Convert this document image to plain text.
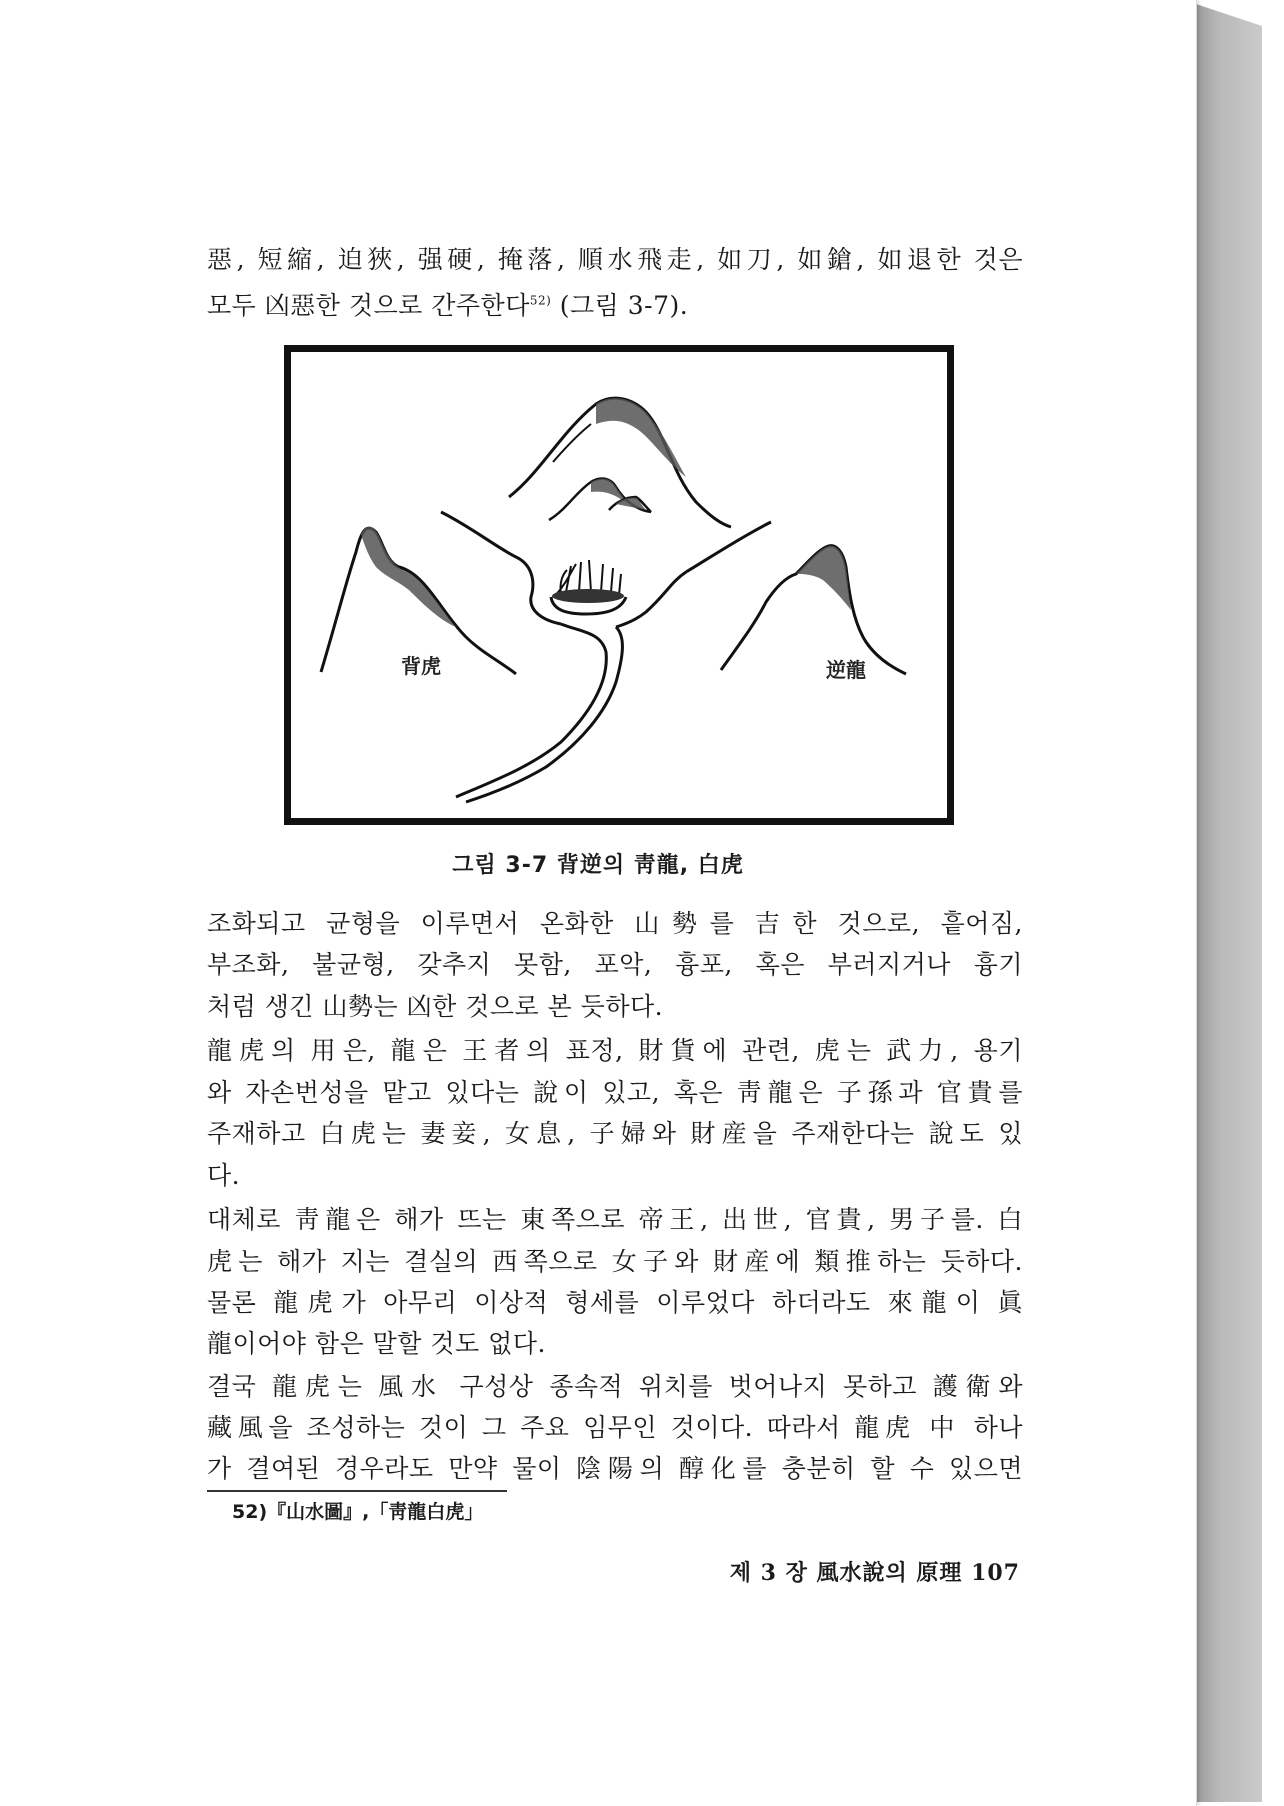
惡, 短縮, 迫狹, 强硬, 掩落, 順水飛走, 如刀, 如鎗, 如退한 것은
모두 凶惡한 것으로 간주한다$^{52)}$ (그림 3-7).
背虎	逆龍
그림 3-7 背逆의 靑龍, 白虎
조화되고 균형을 이루면서 온화한 山勢를 吉한 것으로, 흩어짐,
부조화, 불균형, 갖추지 못함, 포악, 흉포, 혹은 부러지거나 흉기
처럼 생긴 山勢는 凶한 것으로 본 듯하다.
龍虎의 用은, 龍은 王者의 표정, 財貨에 관련, 虎는 武力, 용기
와 자손번성을 맡고 있다는 說이 있고, 혹은 靑龍은 子孫과 官貴를
주재하고 白虎는 妻妾, 女息, 子婦와 財産을 주재한다는 說도 있
다.
대체로 靑龍은 해가 뜨는 東쪽으로 帝王, 出世, 官貴, 男子를. 白
虎는 해가 지는 결실의 西쪽으로 女子와 財産에 類推하는 듯하다.
물론 龍虎가 아무리 이상적 형세를 이루었다 하더라도 來龍이 眞
龍이어야 함은 말할 것도 없다.
결국 龍虎는 風水 구성상 종속적 위치를 벗어나지 못하고 護衛와
藏風을 조성하는 것이 그 주요 임무인 것이다. 따라서 龍虎 中 하나
가 결여된 경우라도 만약 물이 陰陽의 醇化를 충분히 할 수 있으면
52)『山水圖』,「靑龍白虎」
제 3 장 風水說의 原理 107
